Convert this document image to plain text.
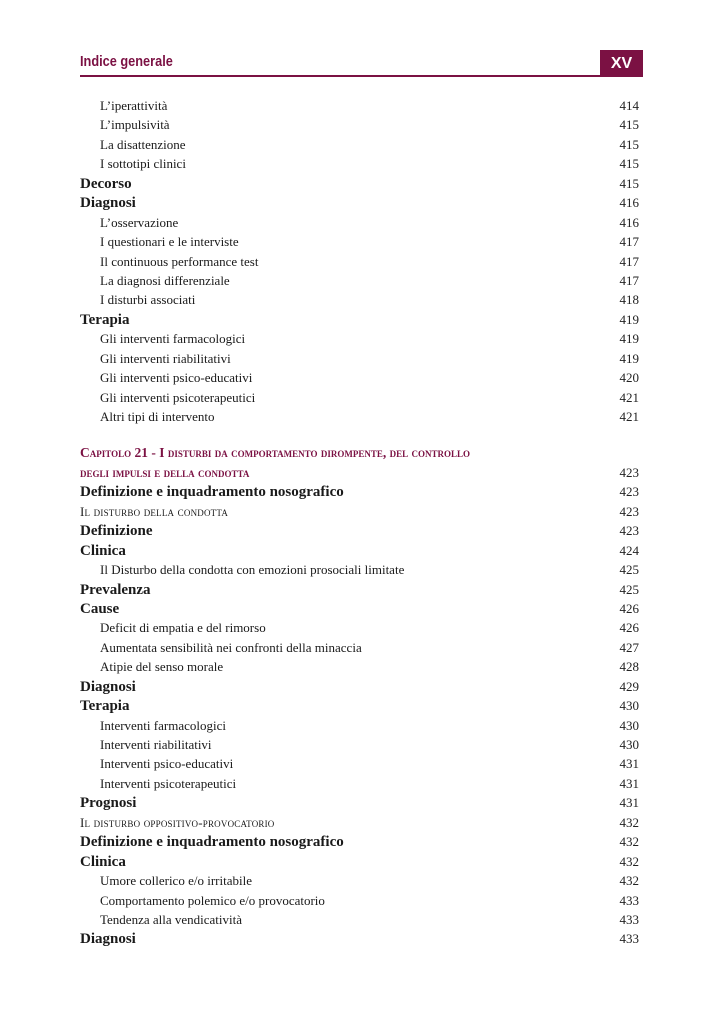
Indice generale	XV
L’iperattività	414
L’impulsività	415
La disattenzione	415
I sottotipi clinici	415
Decorso	415
Diagnosi	416
L’osservazione	416
I questionari e le interviste	417
Il continuous performance test	417
La diagnosi differenziale	417
I disturbi associati	418
Terapia	419
Gli interventi farmacologici	419
Gli interventi riabilitativi	419
Gli interventi psico-educativi	420
Gli interventi psicoterapeutici	421
Altri tipi di intervento	421
Capitolo 21 - I disturbi da comportamento dirompente, del controllo
degli impulsi e della condotta	423
Definizione e inquadramento nosografico	423
Il disturbo della condotta	423
Definizione	423
Clinica	424
Il Disturbo della condotta con emozioni prosociali limitate	425
Prevalenza	425
Cause	426
Deficit di empatia e del rimorso	426
Aumentata sensibilità nei confronti della minaccia	427
Atipie del senso morale	428
Diagnosi	429
Terapia	430
Interventi farmacologici	430
Interventi riabilitativi	430
Interventi psico-educativi	431
Interventi psicoterapeutici	431
Prognosi	431
Il disturbo oppositivo-provocatorio	432
Definizione e inquadramento nosografico	432
Clinica	432
Umore collerico e/o irritabile	432
Comportamento polemico e/o provocatorio	433
Tendenza alla vendicatività	433
Diagnosi	433
